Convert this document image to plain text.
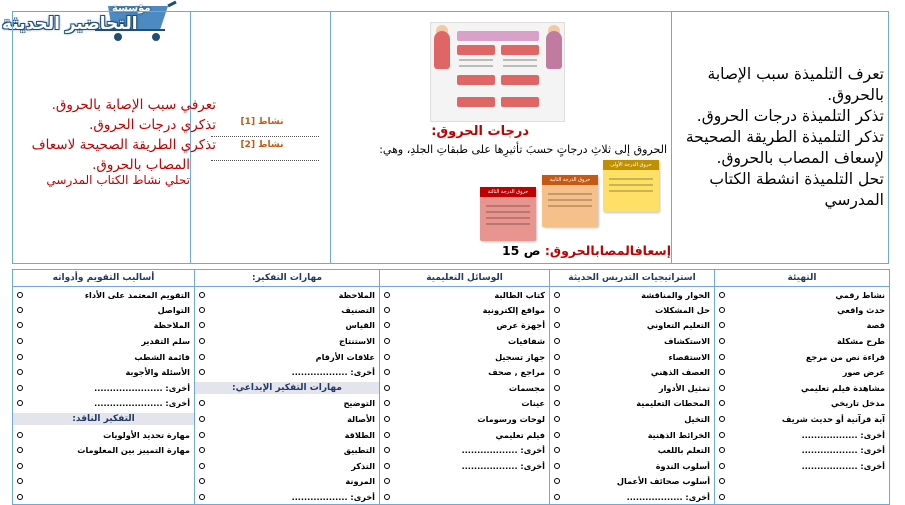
مؤسسة
التحاضير الحديثة
تعرفي سبب الإصابة بالحروق.
تذكري درجات الحروق.
تذكري الطريقة الصحيحة لاسعاف
المصاب بالحروق.
تحلي نشاط الكتاب المدرسي
نشاط [1]
نشاط [2]
درجات الحروق:
الحروق إلى ثلاثِ درجاتٍ حسبَ تأثيرِها على طبقاتِ الجلدِ، وهي:
حروق الدرجة الأولى
حروق الدرجة الثانية
حروق الدرجة الثالثة
إسعافالمصابالحروق: ص 15
تعرف التلميذة سبب الإصابة
بالحروق.
تذكر التلميذة درجات الحروق.
تذكر التلميذة الطريقة الصحيحة
لإسعاف المصاب بالحروق.
تحل التلميذة انشطة الكتاب
المدرسي
التهيئة	استراتيجيات التدريس الحديثة	الوسائل التعليمية	مهارات التفكير:	أساليب التقويم وأدواته

نشاط رقمي	الحوار والمناقشة	كتاب الطالبة	الملاحظة	التقويم المعتمد على الأداء

حدث واقعي	حل المشكلات	مواقع إلكترونية	التصنيف	التواصل

قصة	التعليم التعاوني	أجهزة عرض	القياس	الملاحظة

طرح مشكلة	الاستكشاف	شفافيات	الاستنتاج	سلم التقدير

قراءة نص من مرجع	الاستقصاء	جهاز تسجيل	علاقات الأرقام	قائمة الشطب

عرض صور	العصف الذهني	مراجع , صحف	أخرى: ..................	الأسئلة والأجوبة

مشاهدة فيلم تعليمي	تمثيل الأدوار	مجسمات	مهارات التفكير الإبداعي:	أخرى: ......................

مدخل تاريخي	المحطات التعليمية	عينات	التوضيح	أخرى: ......................

آية قرآنية أو حديث شريف	التخيل	لوحات ورسومات	الأصالة	التفكير الناقد:

أخرى: ..................	الخرائط الذهنية	فيلم تعليمي	الطلاقة	مهارة تحديد الأولويات

أخرى: ..................	التعلم باللعب	أخرى: ..................	التطبيق	مهارة التمييز بين المعلومات

أخرى: ..................	أسلوب الندوة	أخرى: ..................	التذكر	

	أسلوب صحائف الأعمال		المرونة	

	أخرى: ..................		أخرى: ..................	
